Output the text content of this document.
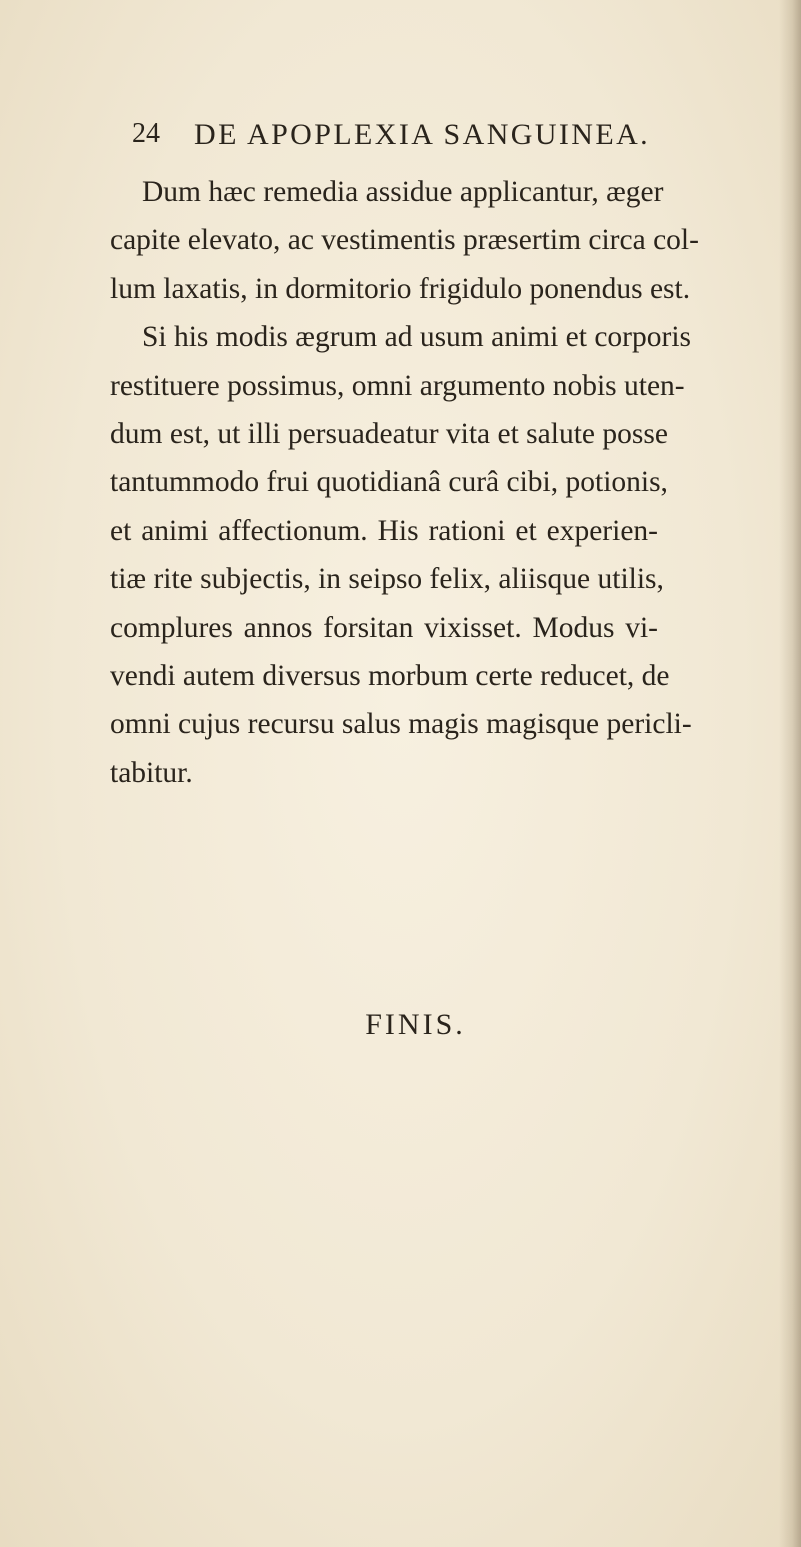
24 DE APOPLEXIA SANGUINEA.
Dum hæc remedia assidue applicantur, æger
capite elevato, ac vestimentis præsertim circa col-
lum laxatis, in dormitorio frigidulo ponendus est.
Si his modis ægrum ad usum animi et corporis
restituere possimus, omni argumento nobis uten-
dum est, ut illi persuadeatur vita et salute posse
tantummodo frui quotidianâ curâ cibi, potionis,
et animi affectionum. His rationi et experien-
tiæ rite subjectis, in seipso felix, aliisque utilis,
complures annos forsitan vixisset. Modus vi-
vendi autem diversus morbum certe reducet, de
omni cujus recursu salus magis magisque pericli-
tabitur.
FINIS.
